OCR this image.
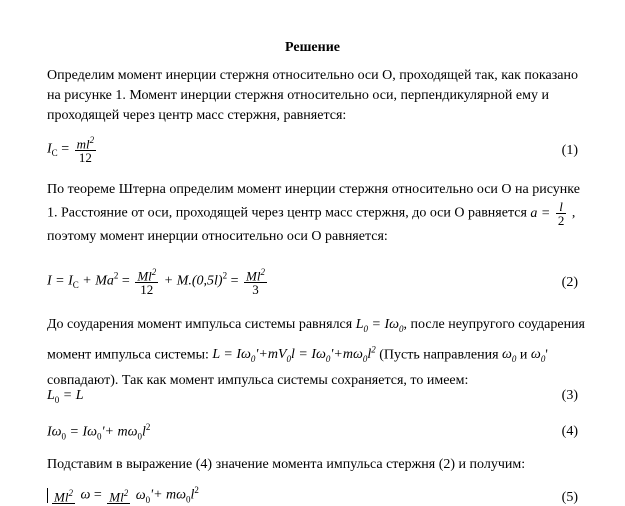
Решение
Определим момент инерции стержня относительно оси О, проходящей так, как показано на рисунке 1. Момент инерции стержня относительно оси, перпендикулярной ему и проходящей через центр масс стержня, равняется:
$I_C = \frac{ml^2}{12}$	(1)
По теореме Штерна определим момент инерции стержня относительно оси О на рисунке 1. Расстояние от оси, проходящей через центр масс стержня, до оси О равняется $a = \frac{l}{2}$ ,
поэтому момент инерции относительно оси О равняется:
$I = I_C + Ma^2 = \frac{Ml^2}{12} + M.(0,5l)^2 = \frac{Ml^2}{3}$	(2)
До соударения момент импульса системы равнялся $L_0 = I\omega_0$, после неупругого соударения момент импульса системы: $L = I\omega_0'+mV_0l = I\omega_0'+m\omega_0l^2$ (Пусть направления $\omega_0$ и $\omega_0'$ совпадают). Так как момент импульса системы сохраняется, то имеем:
$L_0 = L$	(3)
$I\omega_0 = I\omega_0'+ m\omega_0l^2$	(4)
Подставим в выражение (4) значение момента импульса стержня (2) и получим:
Ml$^2$ $\omega = Ml^2$ $\omega_0'+ m\omega_0l^2$	(5)
